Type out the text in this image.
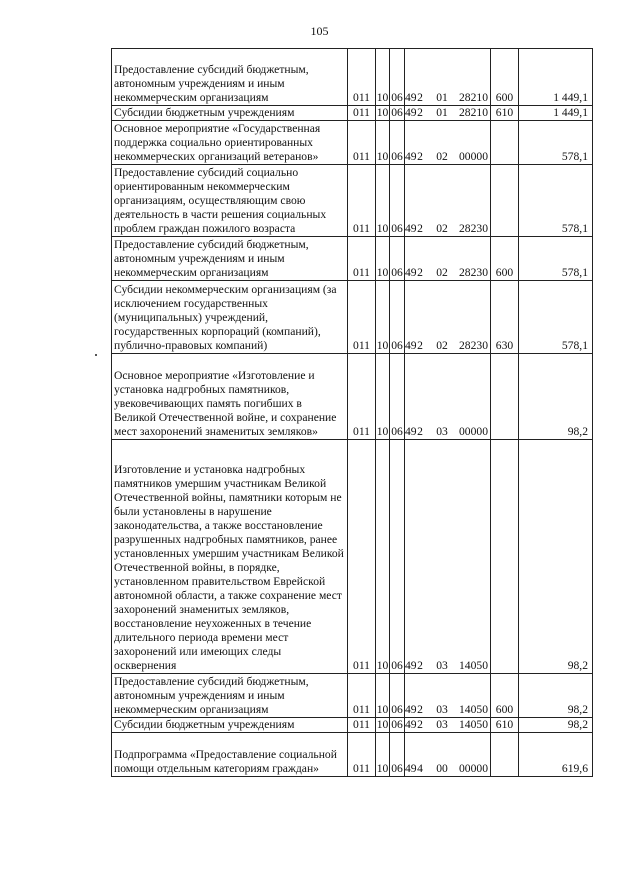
105
Предоставление субсидий бюджетным, автономным учреждениям и иным некоммерческим организациям	011	10	06	492 01 28210	600	1 449,1
Субсидии бюджетным учреждениям	011	10	06	492 01 28210	610	1 449,1
Основное мероприятие «Государственная поддержка социально ориентированных некоммерческих организаций ветеранов»	011	10	06	492 02 00000		578,1
Предоставление субсидий социально ориентированным некоммерческим организациям, осуществляющим свою деятельность в части решения социальных проблем граждан пожилого возраста	011	10	06	492 02 28230		578,1
Предоставление субсидий бюджетным, автономным учреждениям и иным некоммерческим организациям	011	10	06	492 02 28230	600	578,1
Субсидии некоммерческим организациям (за исключением государственных (муниципальных) учреждений, государственных корпораций (компаний), публично-правовых компаний)	011	10	06	492 02 28230	630	578,1
Основное мероприятие «Изготовление и установка надгробных памятников, увековечивающих память погибших в Великой Отечественной войне, и сохранение мест захоронений знаменитых земляков»	011	10	06	492 03 00000		98,2
Изготовление и установка надгробных памятников умершим участникам Великой Отечественной войны, памятники которым не были установлены в нарушение законодательства, а также восстановление разрушенных надгробных памятников, ранее установленных умершим участникам Великой Отечественной войны, в порядке, установленном правительством Еврейской автономной области, а также сохранение мест захоронений знаменитых земляков, восстановление неухоженных в течение длительного периода времени мест захоронений или имеющих следы осквернения	011	10	06	492 03 14050		98,2
Предоставление субсидий бюджетным, автономным учреждениям и иным некоммерческим организациям	011	10	06	492 03 14050	600	98,2
Субсидии бюджетным учреждениям	011	10	06	492 03 14050	610	98,2
Подпрограмма «Предоставление социальной помощи отдельным категориям граждан»	011	10	06	494 00 00000		619,6
